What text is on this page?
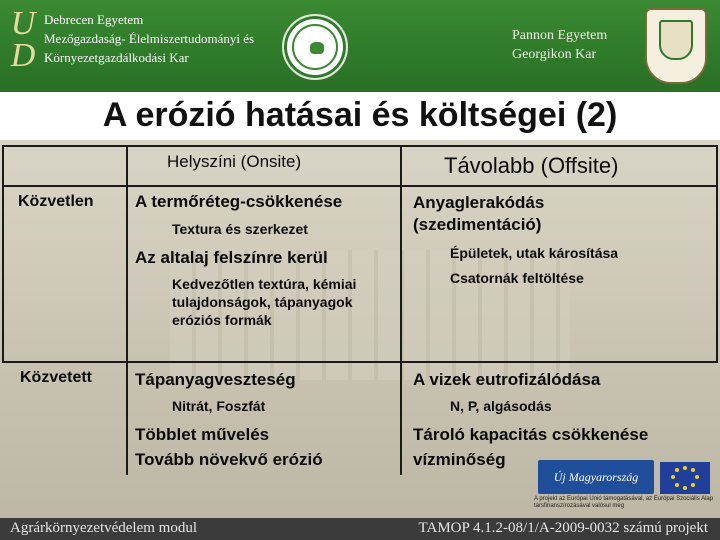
U
D
Debrecen Egyetem
Mezőgazdaság- Élelmiszertudományi és
Környezetgazdálkodási Kar
Pannon Egyetem
Georgikon Kar
A erózió hatásai és költségei (2)
Helyszíni (Onsite)	Távolabb (Offsite)
Közvetlen
Közvetett
A termőréteg-csökkenése
Textura és szerkezet
Az altalaj felszínre kerül
Kedvezőtlen textúra, kémiai tulajdonságok, tápanyagok eróziós formák
Anyaglerakódás (szedimentáció)
Épületek, utak károsítása
Csatornák feltöltése
Tápanyagveszteség
Nitrát, Foszfát
Többlet művelés
Tovább növekvő erózió
A vizek eutrofizálódása
N, P, algásodás
Tároló kapacitás csökkenése
vízminőség
Új Magyarország
A projekt az Európai Unió támogatásával, az Európai Szociális Alap társfinanszírozásával valósul meg
Agrárkörnyezetvédelem modul	TAMOP 4.1.2-08/1/A-2009-0032 számú projekt
